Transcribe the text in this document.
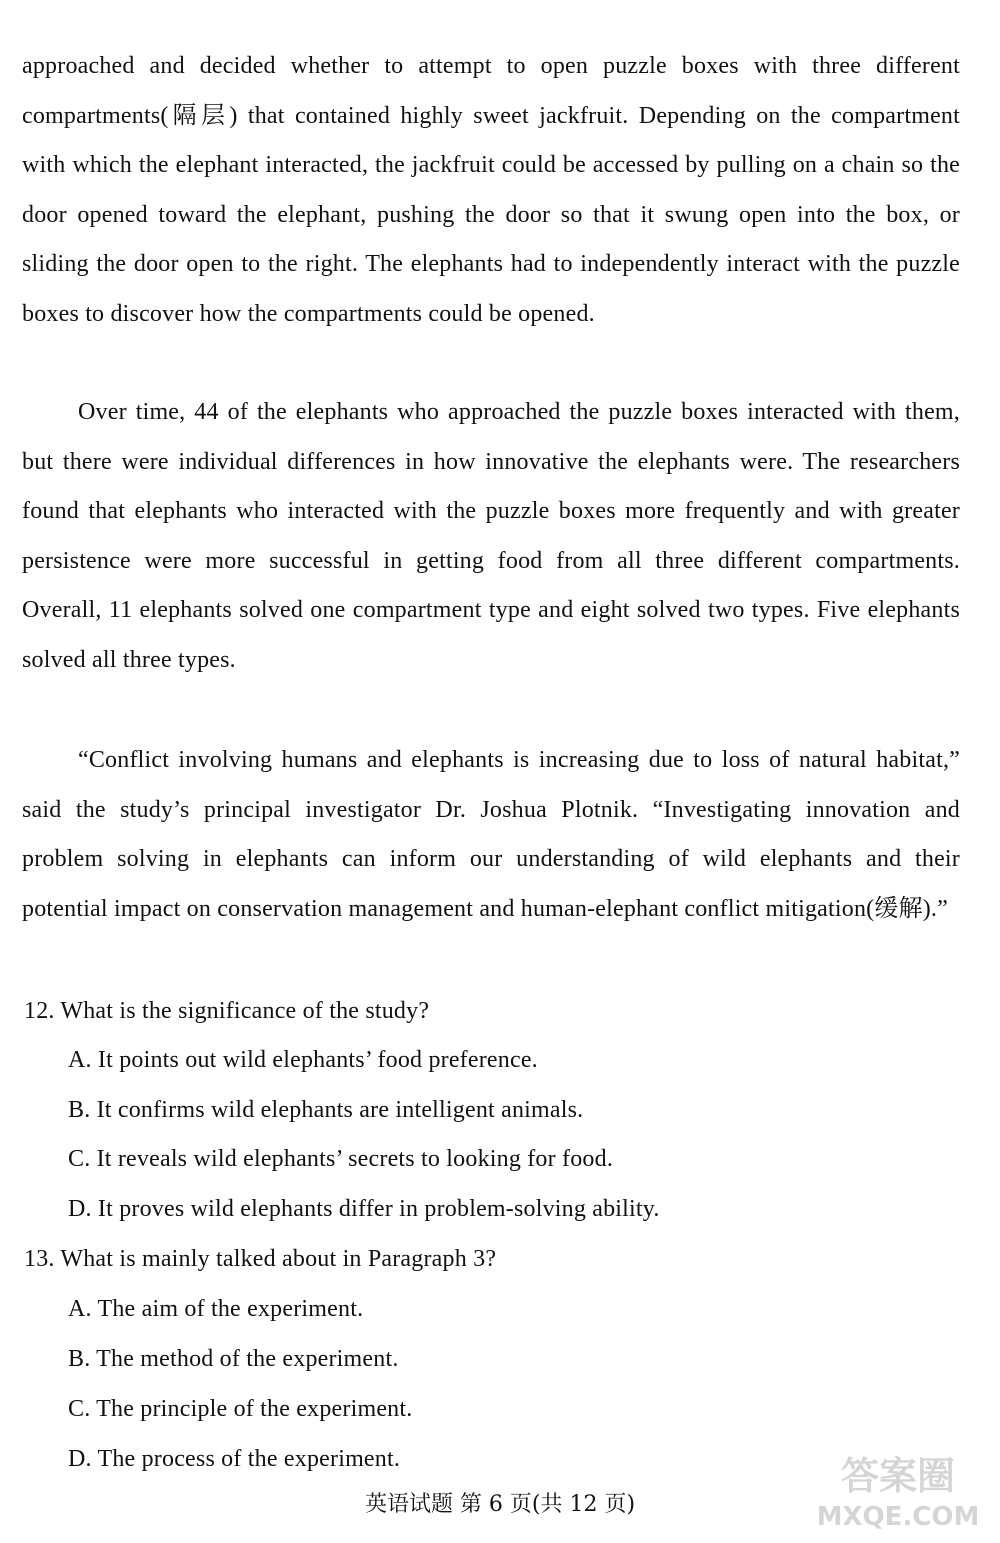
approached and decided whether to attempt to open puzzle boxes with three different compartments(隔层) that contained highly sweet jackfruit. Depending on the compartment with which the elephant interacted, the jackfruit could be accessed by pulling on a chain so the door opened toward the elephant, pushing the door so that it swung open into the box, or sliding the door open to the right. The elephants had to independently interact with the puzzle boxes to discover how the compartments could be opened.

Over time, 44 of the elephants who approached the puzzle boxes interacted with them, but there were individual differences in how innovative the elephants were. The researchers found that elephants who interacted with the puzzle boxes more frequently and with greater persistence were more successful in getting food from all three different compartments. Overall, 11 elephants solved one compartment type and eight solved two types. Five elephants solved all three types.

“Conflict involving humans and elephants is increasing due to loss of natural habitat,” said the study’s principal investigator Dr. Joshua Plotnik. “Investigating innovation and problem solving in elephants can inform our understanding of wild elephants and their potential impact on conservation management and human-elephant conflict mitigation(缓解).”

12. What is the significance of the study?

A. It points out wild elephants’ food preference.

B. It confirms wild elephants are intelligent animals.

C. It reveals wild elephants’ secrets to looking for food.

D. It proves wild elephants differ in problem-solving ability.

13. What is mainly talked about in Paragraph 3?

A. The aim of the experiment.

B. The method of the experiment.

C. The principle of the experiment.

D. The process of the experiment.

英语试题 第 6 页(共 12 页)
答案圈
MXQE.COM
